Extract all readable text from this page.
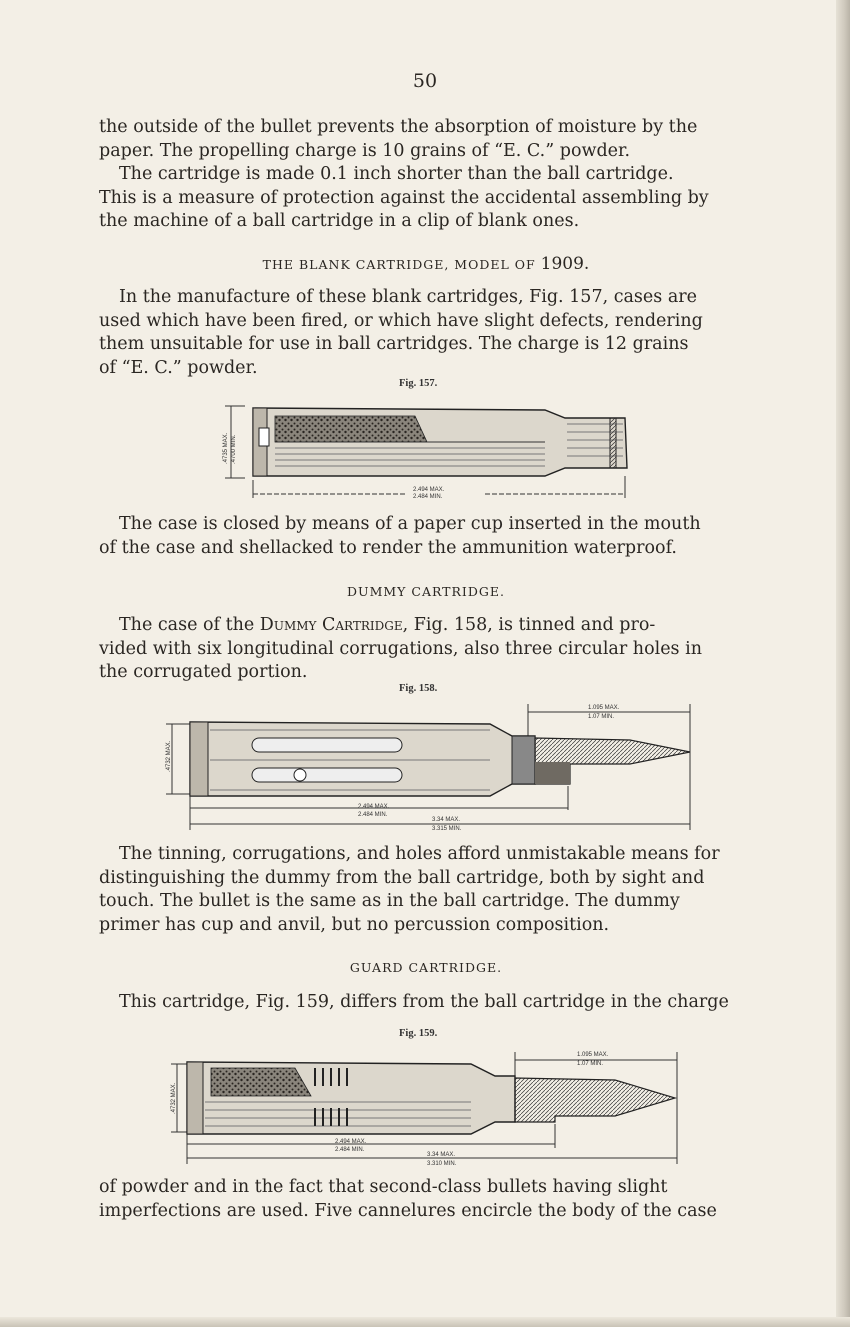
50

the outside of the bullet prevents the absorption of moisture by the

paper. The propelling charge is 10 grains of “E. C.” powder.

The cartridge is made 0.1 inch shorter than the ball cartridge.

This is a measure of protection against the accidental assembling by

the machine of a ball cartridge in a clip of blank ones.

THE BLANK CARTRIDGE, MODEL OF 1909.

In the manufacture of these blank cartridges, Fig. 157, cases are

used which have been fired, or which have slight defects, rendering

them unsuitable for use in ball cartridges. The charge is 12 grains

of “E. C.” powder.

Fig. 157.
.4735 MAX. .4700 MIN.
2.494 MAX.
2.484 MIN.

The case is closed by means of a paper cup inserted in the mouth

of the case and shellacked to render the ammunition waterproof.

DUMMY CARTRIDGE.

The case of the Dummy Cartridge, Fig. 158, is tinned and pro-

vided with six longitudinal corrugations, also three circular holes in

the corrugated portion.

Fig. 158.
1.095 MAX.
1.07 MIN.
.4732 MAX.
2.494 MAX.
2.484 MIN.
3.34 MAX.
3.315 MIN.

The tinning, corrugations, and holes afford unmistakable means for

distinguishing the dummy from the ball cartridge, both by sight and

touch. The bullet is the same as in the ball cartridge. The dummy

primer has cup and anvil, but no percussion composition.

GUARD CARTRIDGE.

This cartridge, Fig. 159, differs from the ball cartridge in the charge

Fig. 159.
1.095 MAX.
1.07 MIN.
.4732 MAX.
2.494 MAX.
2.484 MIN.
3.34 MAX.
3.310 MIN.

of powder and in the fact that second-class bullets having slight

imperfections are used. Five cannelures encircle the body of the case
